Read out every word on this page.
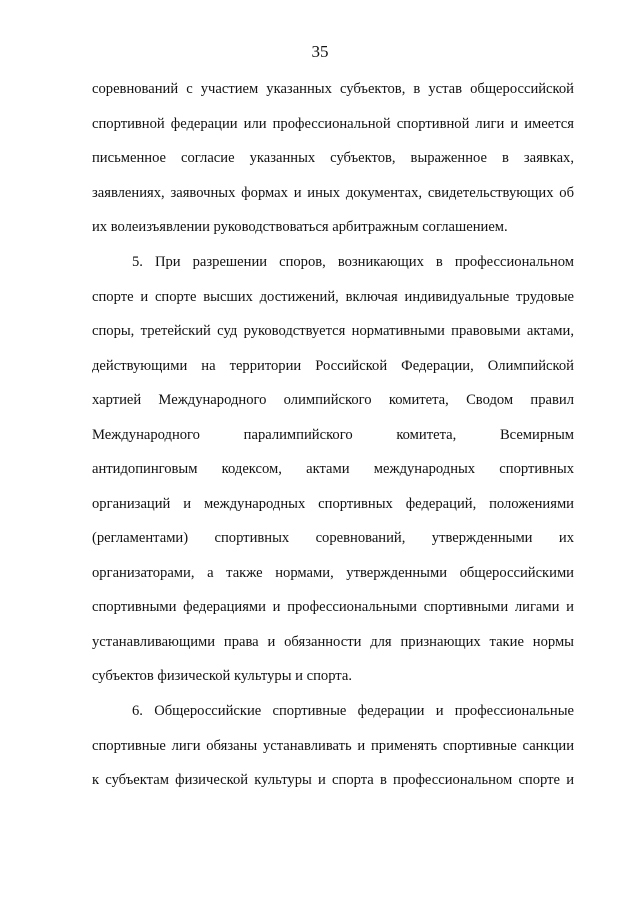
35
соревнований с участием указанных субъектов, в устав общероссийской
спортивной федерации или профессиональной спортивной лиги и имеется
письменное согласие указанных субъектов, выраженное в заявках,
заявлениях, заявочных формах и иных документах, свидетельствующих об
их волеизъявлении руководствоваться арбитражным соглашением.
5. При разрешении споров, возникающих в профессиональном
спорте и спорте высших достижений, включая индивидуальные трудовые
споры, третейский суд руководствуется нормативными правовыми актами,
действующими на территории Российской Федерации, Олимпийской
хартией Международного олимпийского комитета, Сводом правил
Международного паралимпийского комитета, Всемирным
антидопинговым кодексом, актами международных спортивных
организаций и международных спортивных федераций, положениями
(регламентами) спортивных соревнований, утвержденными их
организаторами, а также нормами, утвержденными общероссийскими
спортивными федерациями и профессиональными спортивными лигами и
устанавливающими права и обязанности для признающих такие нормы
субъектов физической культуры и спорта.
6. Общероссийские спортивные федерации и профессиональные
спортивные лиги обязаны устанавливать и применять спортивные санкции
к субъектам физической культуры и спорта в профессиональном спорте и
